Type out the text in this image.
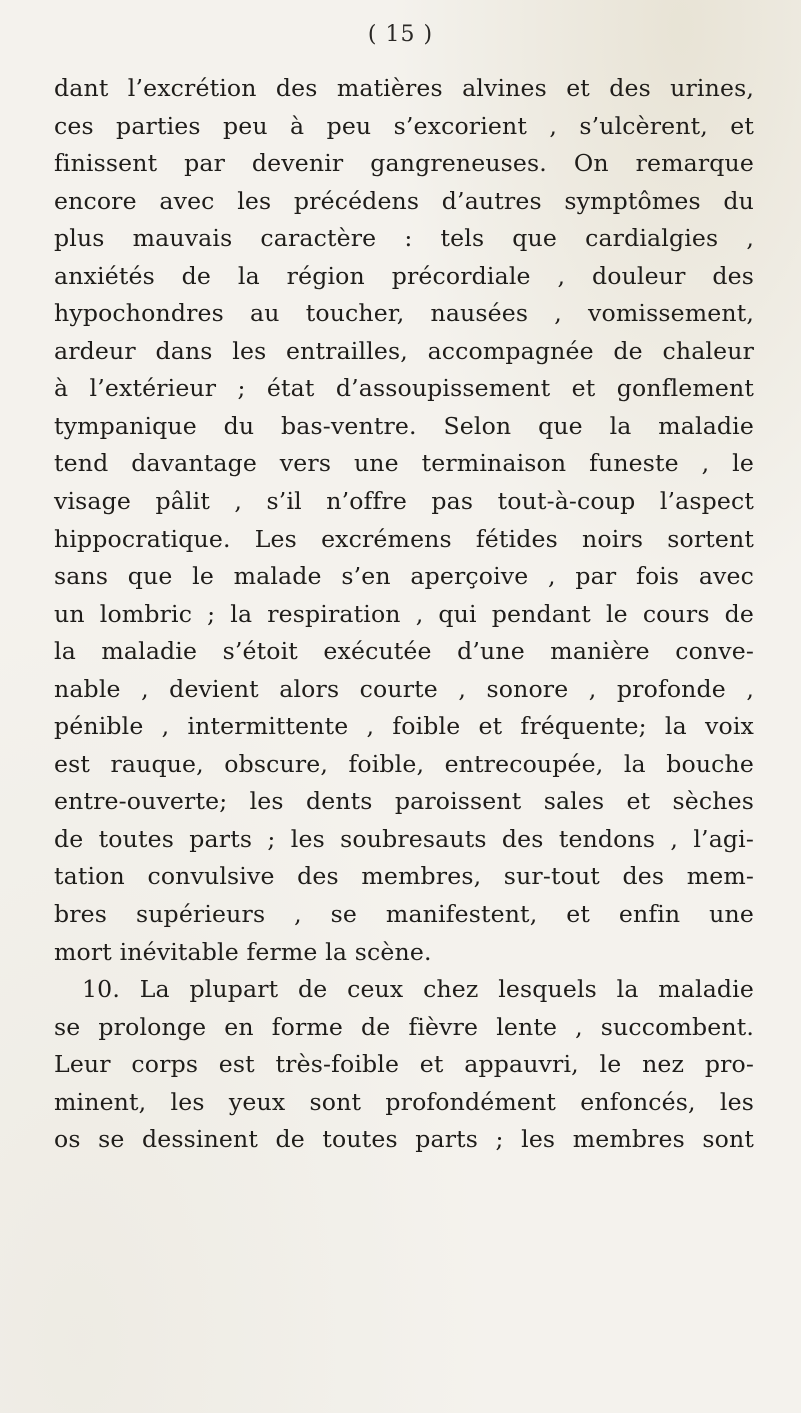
( 15 )
dant l’excrétion des matières alvines et des urines,
ces parties peu à peu s’excorient , s’ulcèrent, et
finissent par devenir gangreneuses. On remarque
encore avec les précédens d’autres symptômes du
plus mauvais caractère : tels que cardialgies ,
anxiétés de la région précordiale , douleur des
hypochondres au toucher, nausées , vomissement,
ardeur dans les entrailles, accompagnée de chaleur
à l’extérieur ; état d’assoupissement et gonflement
tympanique du bas-ventre. Selon que la maladie
tend davantage vers une terminaison funeste , le
visage pâlit , s’il n’offre pas tout-à-coup l’aspect
hippocratique. Les excrémens fétides noirs sortent
sans que le malade s’en aperçoive , par fois avec
un lombric ; la respiration , qui pendant le cours de
la maladie s’étoit exécutée d’une manière conve-
nable , devient alors courte , sonore , profonde ,
pénible , intermittente , foible et fréquente; la voix
est rauque, obscure, foible, entrecoupée, la bouche
entre-ouverte; les dents paroissent sales et sèches
de toutes parts ; les soubresauts des tendons , l’agi-
tation convulsive des membres, sur-tout des mem-
bres supérieurs , se manifestent, et enfin une
mort inévitable ferme la scène.
10. La plupart de ceux chez lesquels la maladie
se prolonge en forme de fièvre lente , succombent.
Leur corps est très-foible et appauvri, le nez pro-
minent, les yeux sont profondément enfoncés, les
os se dessinent de toutes parts ; les membres sont
